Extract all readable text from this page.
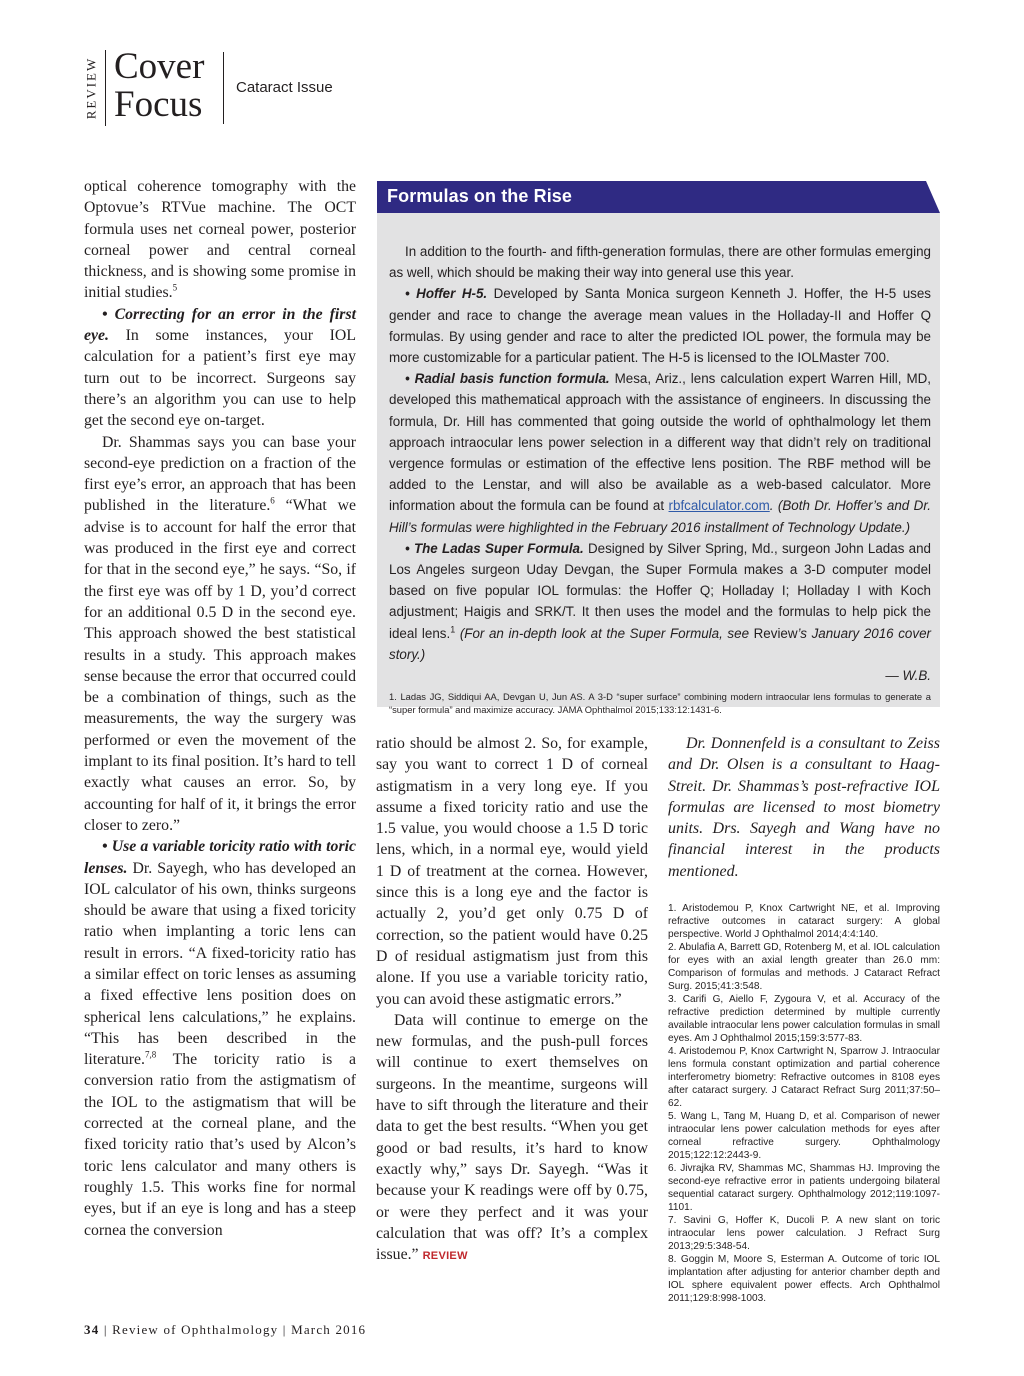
REVIEW Cover
Focus Cataract Issue

optical coherence tomography with the Optovue’s RTVue machine. The OCT formula uses net corneal power, posterior corneal power and central corneal thickness, and is showing some promise in initial studies.$^5$

• Correcting for an error in the first eye. In some instances, your IOL calculation for a patient’s first eye may turn out to be incorrect. Surgeons say there’s an algorithm you can use to help get the second eye on-target.

Dr. Shammas says you can base your second-eye prediction on a fraction of the first eye’s error, an approach that has been published in the literature.$^6$ “What we advise is to account for half the error that was produced in the first eye and correct for that in the second eye,” he says. “So, if the first eye was off by 1 D, you’d correct for an additional 0.5 D in the second eye. This approach showed the best statistical results in a study. This approach makes sense because the error that occurred could be a combination of things, such as the measurements, the way the surgery was performed or even the movement of the implant to its final position. It’s hard to tell exactly what causes an error. So, by accounting for half of it, it brings the error closer to zero.”

• Use a variable toricity ratio with toric lenses. Dr. Sayegh, who has developed an IOL calculator of his own, thinks surgeons should be aware that using a fixed toricity ratio when implanting a toric lens can result in errors. “A fixed-toricity ratio has a similar effect on toric lenses as assuming a fixed effective lens position does on spherical lens calculations,” he explains. “This has been described in the literature.$^{7,8}$ The toricity ratio is a conversion ratio from the astigmatism of the IOL to the astigmatism that will be corrected at the corneal plane, and the fixed toricity ratio that’s used by Alcon’s toric lens calculator and many others is roughly 1.5. This works fine for normal eyes, but if an eye is long and has a steep cornea the conversion

Formulas on the Rise

In addition to the fourth- and fifth-generation formulas, there are other formulas emerging as well, which should be making their way into general use this year.

• Hoffer H-5. Developed by Santa Monica surgeon Kenneth J. Hoffer, the H-5 uses gender and race to change the average mean values in the Holladay-II and Hoffer Q formulas. By using gender and race to alter the predicted IOL power, the formula may be more customizable for a particular patient. The H-5 is licensed to the IOLMaster 700.

• Radial basis function formula. Mesa, Ariz., lens calculation expert Warren Hill, MD, developed this mathematical approach with the assistance of engineers. In discussing the formula, Dr. Hill has commented that going outside the world of ophthalmology let them approach intraocular lens power selection in a different way that didn’t rely on traditional vergence formulas or estimation of the effective lens position. The RBF method will be added to the Lenstar, and will also be available as a web-based calculator. More information about the formula can be found at rbfcalculator.com. (Both Dr. Hoffer’s and Dr. Hill’s formulas were highlighted in the February 2016 installment of Technology Update.)

• The Ladas Super Formula. Designed by Silver Spring, Md., surgeon John Ladas and Los Angeles surgeon Uday Devgan, the Super Formula makes a 3-D computer model based on five popular IOL formulas: the Hoffer Q; Holladay I; Holladay I with Koch adjustment; Haigis and SRK/T. It then uses the model and the formulas to help pick the ideal lens.$^1$ (For an in-depth look at the Super Formula, see Review’s January 2016 cover story.)

— W.B.

1. Ladas JG, Siddiqui AA, Devgan U, Jun AS. A 3-D “super surface” combining modern intraocular lens formulas to generate a “super formula” and maximize accuracy. JAMA Ophthalmol 2015;133:12:1431-6.

ratio should be almost 2. So, for example, say you want to correct 1 D of corneal astigmatism in a very long eye. If you assume a fixed toricity ratio and use the 1.5 value, you would choose a 1.5 D toric lens, which, in a normal eye, would yield 1 D of treatment at the cornea. However, since this is a long eye and the factor is actually 2, you’d get only 0.75 D of correction, so the patient would have 0.25 D of residual astigmatism just from this alone. If you use a variable toricity ratio, you can avoid these astigmatic errors.”

Data will continue to emerge on the new formulas, and the push-pull forces will continue to exert themselves on surgeons. In the meantime, surgeons will have to sift through the literature and their data to get the best results. “When you get good or bad results, it’s hard to know exactly why,” says Dr. Sayegh. “Was it because your K readings were off by 0.75, or were they perfect and it was your calculation that was off? It’s a complex issue.” REVIEW

Dr. Donnenfeld is a consultant to Zeiss and Dr. Olsen is a consultant to Haag-Streit. Dr. Shammas’s post-refractive IOL formulas are licensed to most biometry units. Drs. Sayegh and Wang have no financial interest in the products mentioned.

1. Aristodemou P, Knox Cartwright NE, et al. Improving refractive outcomes in cataract surgery: A global perspective. World J Ophthalmol 2014;4:4:140.
2. Abulafia A, Barrett GD, Rotenberg M, et al. IOL calculation for eyes with an axial length greater than 26.0 mm: Comparison of formulas and methods. J Cataract Refract Surg. 2015;41:3:548.
3. Carifi G, Aiello F, Zygoura V, et al. Accuracy of the refractive prediction determined by multiple currently available intraocular lens power calculation formulas in small eyes. Am J Ophthalmol 2015;159:3:577-83.
4. Aristodemou P, Knox Cartwright N, Sparrow J. Intraocular lens formula constant optimization and partial coherence interferometry biometry: Refractive outcomes in 8108 eyes after cataract surgery. J Cataract Refract Surg 2011;37:50–62.
5. Wang L, Tang M, Huang D, et al. Comparison of newer intraocular lens power calculation methods for eyes after corneal refractive surgery. Ophthalmology 2015;122:12:2443-9.
6. Jivrajka RV, Shammas MC, Shammas HJ. Improving the second-eye refractive error in patients undergoing bilateral sequential cataract surgery. Ophthalmology 2012;119:1097-1101.
7. Savini G, Hoffer K, Ducoli P. A new slant on toric intraocular lens power calculation. J Refract Surg 2013;29:5:348-54.
8. Goggin M, Moore S, Esterman A. Outcome of toric IOL implantation after adjusting for anterior chamber depth and IOL sphere equivalent power effects. Arch Ophthalmol 2011;129:8:998-1003.
34 | Review of Ophthalmology | March 2016
